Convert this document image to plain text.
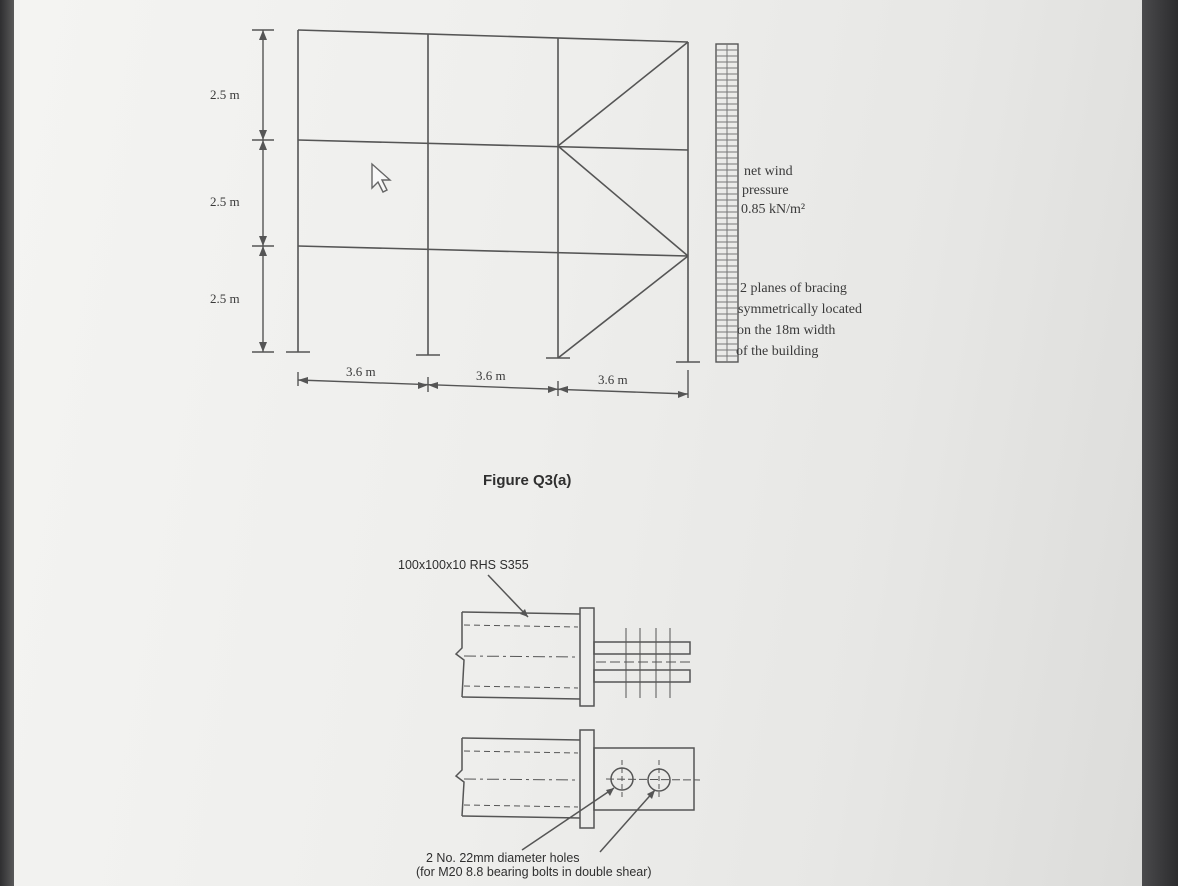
2.5 m
2.5 m
2.5 m
3.6 m	3.6 m	3.6 m
net wind
pressure
0.85 kN/m²
2 planes of bracing
symmetrically located
on the 18m width
of the building
Figure Q3(a)
100x100x10 RHS S355
2 No. 22mm diameter holes
(for M20 8.8 bearing bolts in double shear)
